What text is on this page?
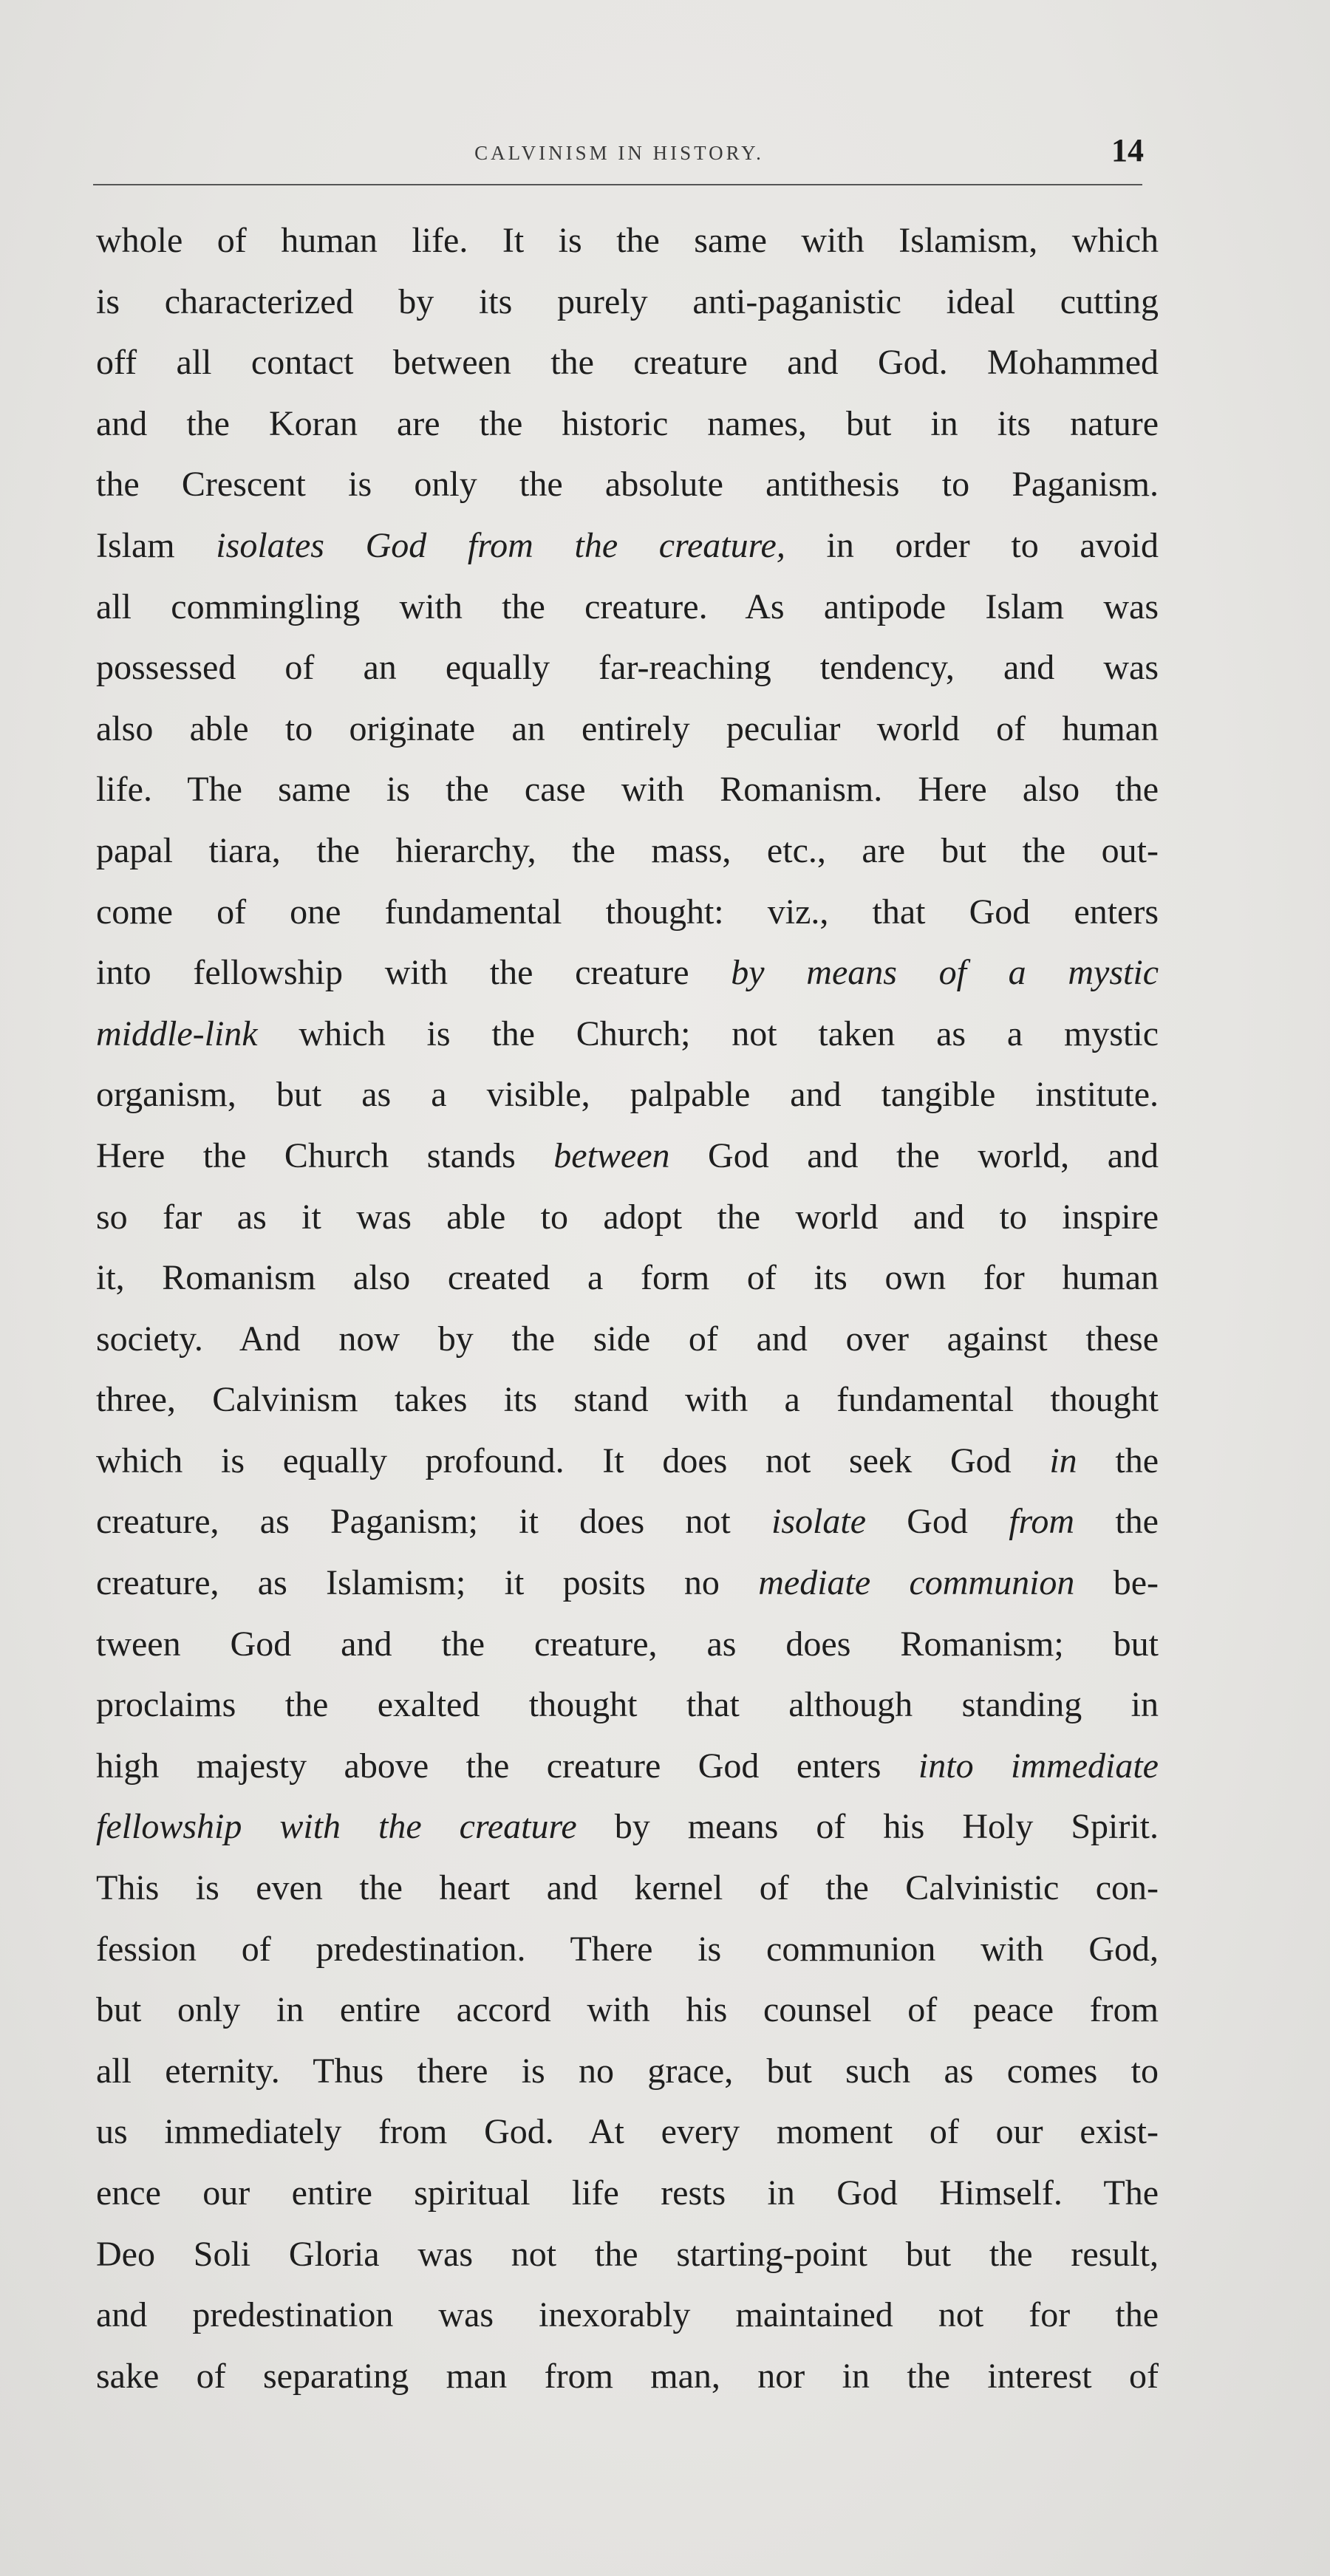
CALVINISM IN HISTORY.	14
whole of human life. It is the same with Islamism, which
is characterized by its purely anti-paganistic ideal cutting
off all contact between the creature and God. Mohammed
and the Koran are the historic names, but in its nature
the Crescent is only the absolute antithesis to Paganism.
Islam isolates God from the creature, in order to avoid
all commingling with the creature. As antipode Islam was
possessed of an equally far-reaching tendency, and was
also able to originate an entirely peculiar world of human
life. The same is the case with Romanism. Here also the
papal tiara, the hierarchy, the mass, etc., are but the out-
come of one fundamental thought: viz., that God enters
into fellowship with the creature by means of a mystic
middle-link which is the Church; not taken as a mystic
organism, but as a visible, palpable and tangible institute.
Here the Church stands between God and the world, and
so far as it was able to adopt the world and to inspire
it, Romanism also created a form of its own for human
society. And now by the side of and over against these
three, Calvinism takes its stand with a fundamental thought
which is equally profound. It does not seek God in the
creature, as Paganism; it does not isolate God from the
creature, as Islamism; it posits no mediate communion be-
tween God and the creature, as does Romanism; but
proclaims the exalted thought that although standing in
high majesty above the creature God enters into immediate
fellowship with the creature by means of his Holy Spirit.
This is even the heart and kernel of the Calvinistic con-
fession of predestination. There is communion with God,
but only in entire accord with his counsel of peace from
all eternity. Thus there is no grace, but such as comes to
us immediately from God. At every moment of our exist-
ence our entire spiritual life rests in God Himself. The
Deo Soli Gloria was not the starting-point but the result,
and predestination was inexorably maintained not for the
sake of separating man from man, nor in the interest of
